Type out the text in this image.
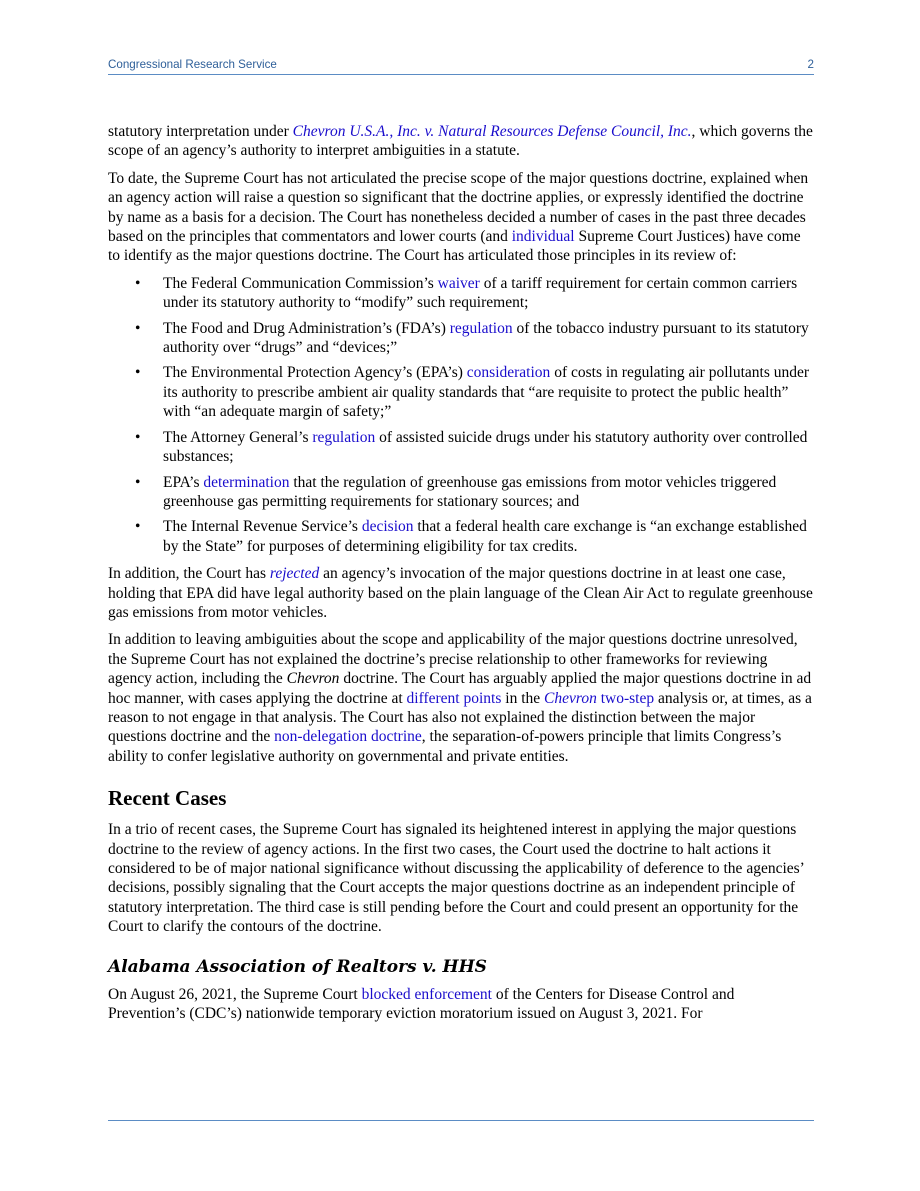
Congressional Research Service	2

statutory interpretation under Chevron U.S.A., Inc. v. Natural Resources Defense Council, Inc., which governs the scope of an agency’s authority to interpret ambiguities in a statute.

To date, the Supreme Court has not articulated the precise scope of the major questions doctrine, explained when an agency action will raise a question so significant that the doctrine applies, or expressly identified the doctrine by name as a basis for a decision. The Court has nonetheless decided a number of cases in the past three decades based on the principles that commentators and lower courts (and individual Supreme Court Justices) have come to identify as the major questions doctrine. The Court has articulated those principles in its review of:

• The Federal Communication Commission’s waiver of a tariff requirement for certain common carriers under its statutory authority to “modify” such requirement;
• The Food and Drug Administration’s (FDA’s) regulation of the tobacco industry pursuant to its statutory authority over “drugs” and “devices;”
• The Environmental Protection Agency’s (EPA’s) consideration of costs in regulating air pollutants under its authority to prescribe ambient air quality standards that “are requisite to protect the public health” with “an adequate margin of safety;”
• The Attorney General’s regulation of assisted suicide drugs under his statutory authority over controlled substances;
• EPA’s determination that the regulation of greenhouse gas emissions from motor vehicles triggered greenhouse gas permitting requirements for stationary sources; and
• The Internal Revenue Service’s decision that a federal health care exchange is “an exchange established by the State” for purposes of determining eligibility for tax credits.

In addition, the Court has rejected an agency’s invocation of the major questions doctrine in at least one case, holding that EPA did have legal authority based on the plain language of the Clean Air Act to regulate greenhouse gas emissions from motor vehicles.

In addition to leaving ambiguities about the scope and applicability of the major questions doctrine unresolved, the Supreme Court has not explained the doctrine’s precise relationship to other frameworks for reviewing agency action, including the Chevron doctrine. The Court has arguably applied the major questions doctrine in ad hoc manner, with cases applying the doctrine at different points in the Chevron two-step analysis or, at times, as a reason to not engage in that analysis. The Court has also not explained the distinction between the major questions doctrine and the non-delegation doctrine, the separation-of-powers principle that limits Congress’s ability to confer legislative authority on governmental and private entities.

Recent Cases

In a trio of recent cases, the Supreme Court has signaled its heightened interest in applying the major questions doctrine to the review of agency actions. In the first two cases, the Court used the doctrine to halt actions it considered to be of major national significance without discussing the applicability of deference to the agencies’ decisions, possibly signaling that the Court accepts the major questions doctrine as an independent principle of statutory interpretation. The third case is still pending before the Court and could present an opportunity for the Court to clarify the contours of the doctrine.

Alabama Association of Realtors v. HHS

On August 26, 2021, the Supreme Court blocked enforcement of the Centers for Disease Control and Prevention’s (CDC’s) nationwide temporary eviction moratorium issued on August 3, 2021. For
